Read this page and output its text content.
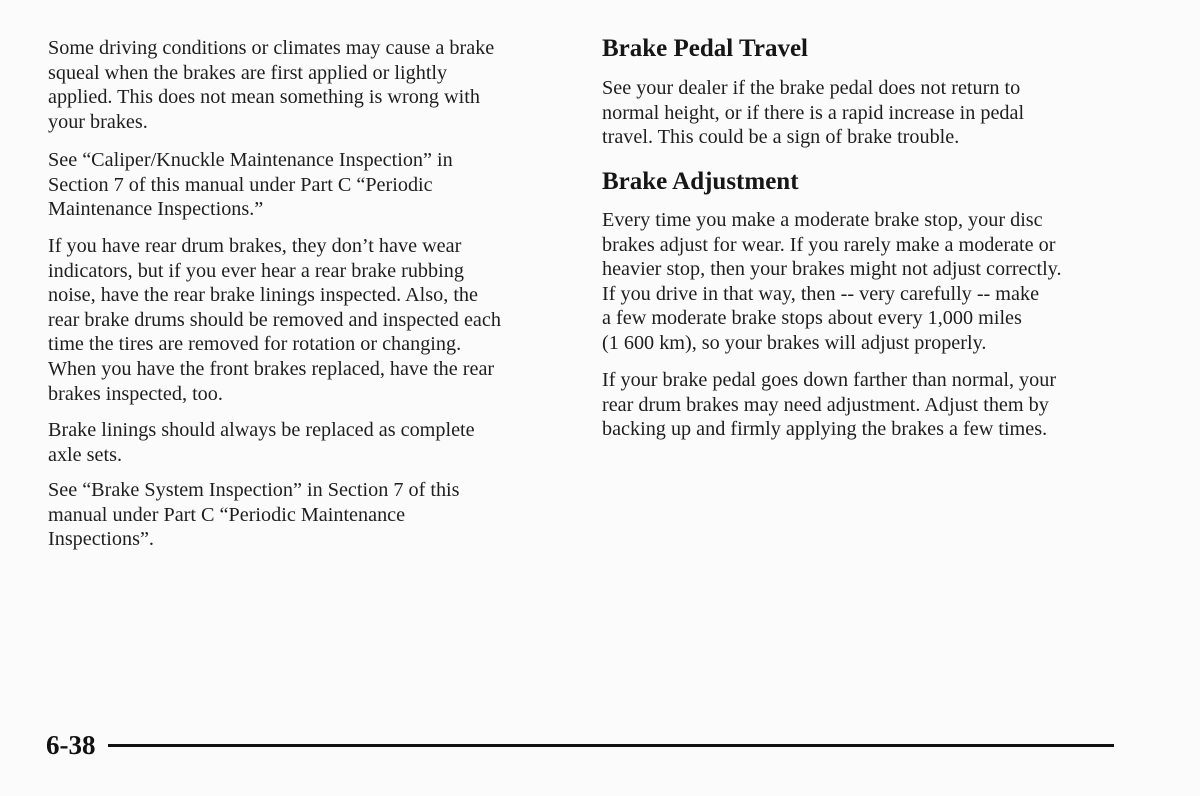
Some driving conditions or climates may cause a brake
squeal when the brakes are first applied or lightly
applied. This does not mean something is wrong with
your brakes.

See “Caliper/Knuckle Maintenance Inspection” in
Section 7 of this manual under Part C “Periodic
Maintenance Inspections.”

If you have rear drum brakes, they don’t have wear
indicators, but if you ever hear a rear brake rubbing
noise, have the rear brake linings inspected. Also, the
rear brake drums should be removed and inspected each
time the tires are removed for rotation or changing.
When you have the front brakes replaced, have the rear
brakes inspected, too.

Brake linings should always be replaced as complete
axle sets.

See “Brake System Inspection” in Section 7 of this
manual under Part C “Periodic Maintenance
Inspections”.

Brake Pedal Travel

See your dealer if the brake pedal does not return to
normal height, or if there is a rapid increase in pedal
travel. This could be a sign of brake trouble.

Brake Adjustment

Every time you make a moderate brake stop, your disc
brakes adjust for wear. If you rarely make a moderate or
heavier stop, then your brakes might not adjust correctly.
If you drive in that way, then -- very carefully -- make
a few moderate brake stops about every 1,000 miles
(1 600 km), so your brakes will adjust properly.

If your brake pedal goes down farther than normal, your
rear drum brakes may need adjustment. Adjust them by
backing up and firmly applying the brakes a few times.

6-38
